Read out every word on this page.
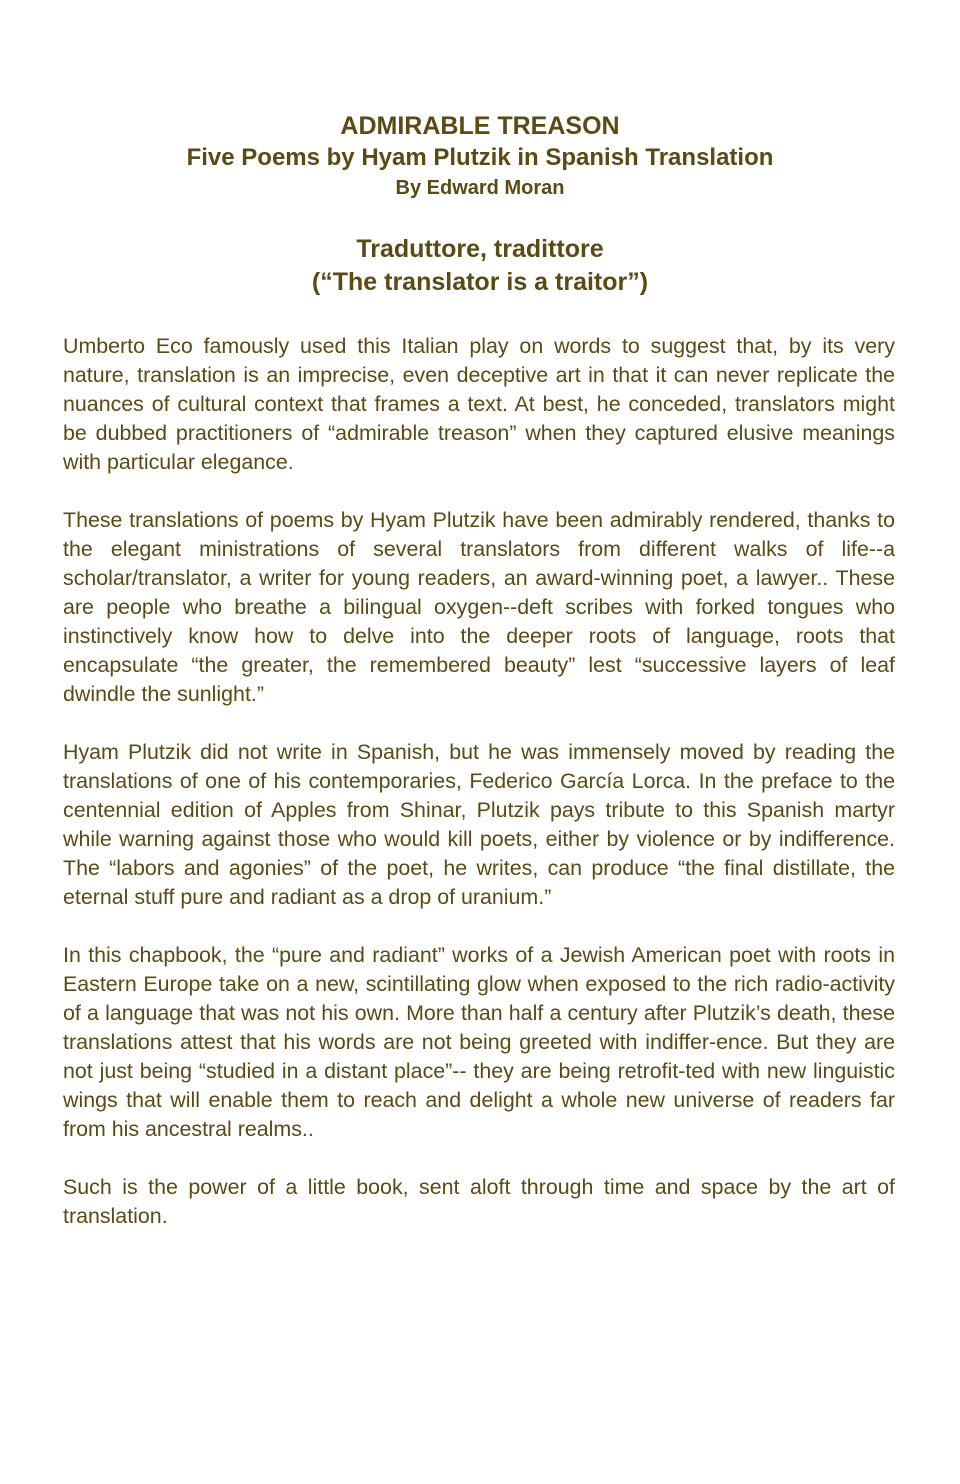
ADMIRABLE TREASON

Five Poems by Hyam Plutzik in Spanish Translation

By Edward Moran

Traduttore, tradittore

(“The translator is a traitor”)

Umberto Eco famously used this Italian play on words to suggest that, by its very nature, translation is an imprecise, even deceptive art in that it can never replicate the nuances of cultural context that frames a text. At best, he conceded, translators might be dubbed practitioners of “admirable treason” when they captured elusive meanings with particular elegance.

These translations of poems by Hyam Plutzik have been admirably rendered, thanks to the elegant ministrations of several translators from different walks of life--a scholar/translator, a writer for young readers, an award-winning poet, a lawyer.. These are people who breathe a bilingual oxygen--deft scribes with forked tongues who instinctively know how to delve into the deeper roots of language, roots that encapsulate “the greater, the remembered beauty” lest “successive layers of leaf dwindle the sunlight.”

Hyam Plutzik did not write in Spanish, but he was immensely moved by reading the translations of one of his contemporaries, Federico García Lorca. In the preface to the centennial edition of Apples from Shinar, Plutzik pays tribute to this Spanish martyr while warning against those who would kill poets, either by violence or by indifference. The “labors and agonies” of the poet, he writes, can produce “the final distillate, the eternal stuff pure and radiant as a drop of uranium.”

In this chapbook, the “pure and radiant” works of a Jewish American poet with roots in Eastern Europe take on a new, scintillating glow when exposed to the rich radio-activity of a language that was not his own. More than half a century after Plutzik’s death, these translations attest that his words are not being greeted with indiffer-ence. But they are not just being “studied in a distant place”-- they are being retrofit-ted with new linguistic wings that will enable them to reach and delight a whole new universe of readers far from his ancestral realms..

Such is the power of a little book, sent aloft through time and space by the art of translation.
